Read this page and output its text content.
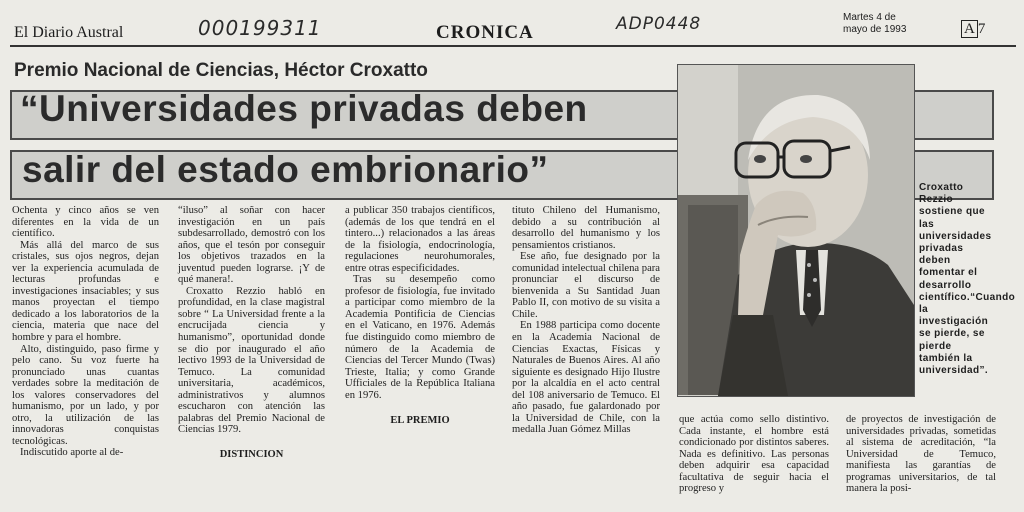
El Diario Austral	000199311	CRONICA	ADP0448	Martes 4 de
mayo de 1993	A 7
Premio Nacional de Ciencias, Héctor Croxatto
“Universidades privadas deben
salir del estado embrionario”	Croxatto Rezzio sostiene que las universidades privadas deben fomentar el desarrollo científico.“Cuando la investigación se pierde, se pierde también la universidad”.

Ochenta y cinco años se ven diferentes en la vida de un científico.

Más allá del marco de sus cristales, sus ojos negros, dejan ver la experiencia acumulada de lecturas profundas e investigaciones insaciables; y sus manos proyectan el tiempo dedicado a los laboratorios de la ciencia, materia que nace del hombre y para el hombre.

Alto, distinguido, paso firme y pelo cano. Su voz fuerte ha pronunciado unas cuantas verdades sobre la meditación de los valores conservadores del humanismo, por un lado, y por otro, la utilización de las innovadoras conquistas tecnológicas.

Indiscutido aporte al de-

“iluso” al soñar con hacer investigación en un país subdesarrollado, demostró con los años, que el tesón por conseguir los objetivos trazados en la juventud pueden lograrse. ¡Y de qué manera!.

Croxatto Rezzio habló en profundidad, en la clase magistral sobre “ La Universidad frente a la encrucijada ciencia y humanismo”, oportunidad donde se dio por inaugurado el año lectivo 1993 de la Universidad de Temuco. La comunidad universitaria, académicos, administrativos y alumnos escucharon con atención las palabras del Premio Nacional de Ciencias 1979.

DISTINCION

a publicar 350 trabajos científicos, (además de los que tendrá en el tintero...) relacionados a las áreas de la fisiología, endocrinología, regulaciones neurohumorales, entre otras especificidades.

Tras su desempeño como profesor de fisiología, fue invitado a participar como miembro de la Academia Pontificia de Ciencias en el Vaticano, en 1976. Además fue distinguido como miembro de número de la Academia de Ciencias del Tercer Mundo (Twas) Trieste, Italia; y como Grande Ufficiales de la República Italiana en 1976.

EL PREMIO

tituto Chileno del Humanismo, debido a su contribución al desarrollo del humanismo y los pensamientos cristianos.

Ese año, fue designado por la comunidad intelectual chilena para pronunciar el discurso de bienvenida a Su Santidad Juan Pablo II, con motivo de su visita a Chile.

En 1988 participa como docente en la Academia Nacional de Ciencias Exactas, Físicas y Naturales de Buenos Aires. Al año siguiente es designado Hijo Ilustre por la alcaldía en el acto central del 108 aniversario de Temuco. El año pasado, fue galardonado por la Universidad de Chile, con la medalla Juan Gómez Millas

que actúa como sello distintivo. Cada instante, el hombre está condicionado por distintos saberes. Nada es definitivo. Las personas deben adquirir esa capacidad facultativa de seguir hacia el progreso y

de proyectos de investigación de universidades privadas, sometidas al sistema de acreditación, “la Universidad de Temuco, manifiesta las garantías de programas universitarios, de tal manera la posi-
